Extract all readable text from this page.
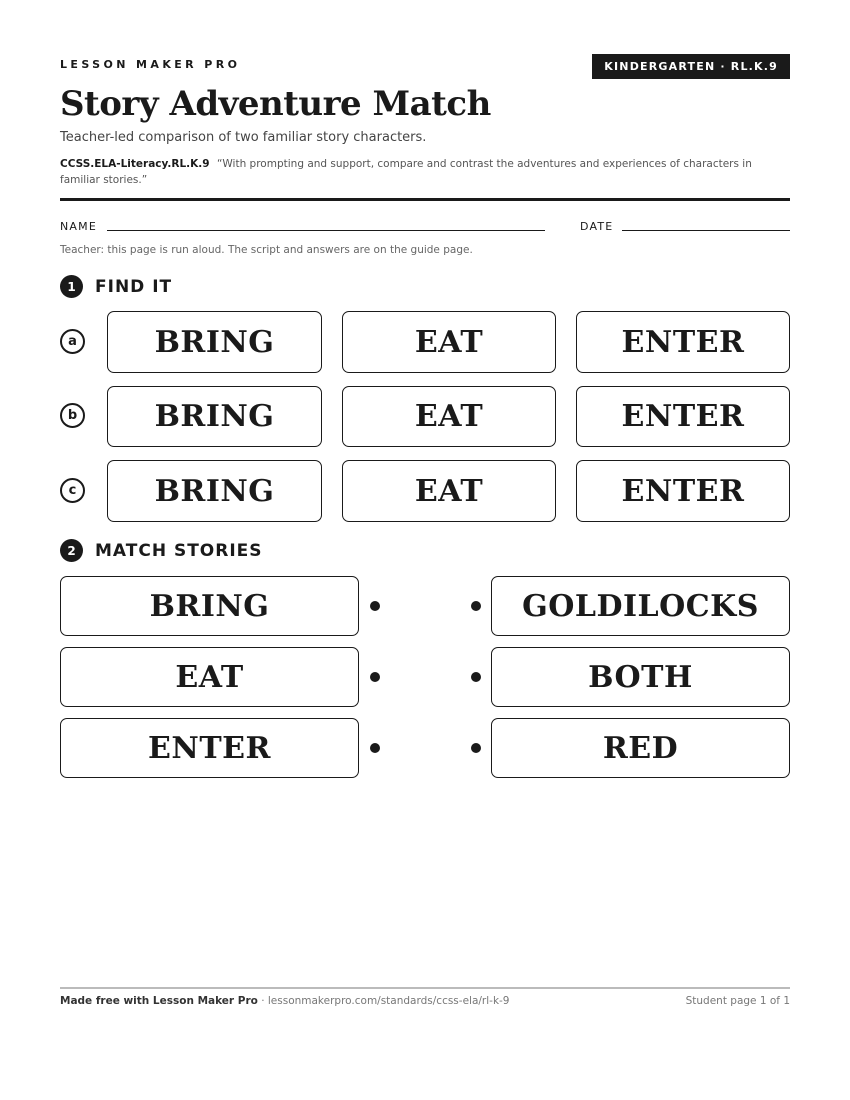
LESSON MAKER PRO	KINDERGARTEN · RL.K.9
Story Adventure Match
Teacher-led comparison of two familiar story characters.
CCSS.ELA-Literacy.RL.K.9 “With prompting and support, compare and contrast the adventures and experiences of characters in familiar stories.”
NAME	DATE
Teacher: this page is run aloud. The script and answers are on the guide page.
1	FIND IT
a	BRING	EAT	ENTER
b	BRING	EAT	ENTER
c	BRING	EAT	ENTER
2	MATCH STORIES
BRING	GOLDILOCKS
EAT	BOTH
ENTER	RED
Made free with Lesson Maker Pro · lessonmakerpro.com/standards/ccss-ela/rl-k-9	Student page 1 of 1
